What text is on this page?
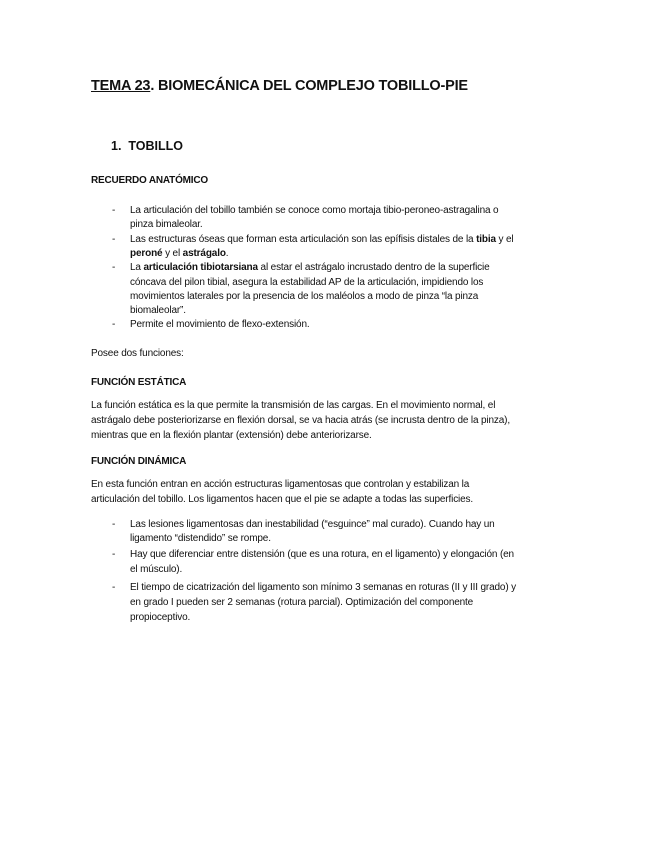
TEMA 23. BIOMECÁNICA DEL COMPLEJO TOBILLO-PIE
1. TOBILLO
RECUERDO ANATÓMICO
FUNCIÓN ESTÁTICA
FUNCIÓN DINÁMICA
- La articulación del tobillo también se conoce como mortaja tibio-peroneo-astragalina o
pinza bimaleolar.
- Las estructuras óseas que forman esta articulación son las epífisis distales de la tibia y el
peroné y el astrágalo.
- La articulación tibiotarsiana al estar el astrágalo incrustado dentro de la superficie
cóncava del pilon tibial, asegura la estabilidad AP de la articulación, impidiendo los
movimientos laterales por la presencia de los maléolos a modo de pinza “la pinza
biomaleolar”.
- Permite el movimiento de flexo-extensión.
Posee dos funciones:
La función estática es la que permite la transmisión de las cargas. En el movimiento normal, el
astrágalo debe posteriorizarse en flexión dorsal, se va hacia atrás (se incrusta dentro de la pinza),
mientras que en la flexión plantar (extensión) debe anteriorizarse.
En esta función entran en acción estructuras ligamentosas que controlan y estabilizan la
articulación del tobillo. Los ligamentos hacen que el pie se adapte a todas las superficies.
- Las lesiones ligamentosas dan inestabilidad (“esguince” mal curado). Cuando hay un
ligamento “distendido” se rompe.
- Hay que diferenciar entre distensión (que es una rotura, en el ligamento) y elongación (en
el músculo).
- El tiempo de cicatrización del ligamento son mínimo 3 semanas en roturas (II y III grado) y
en grado I pueden ser 2 semanas (rotura parcial). Optimización del componente
propioceptivo.
